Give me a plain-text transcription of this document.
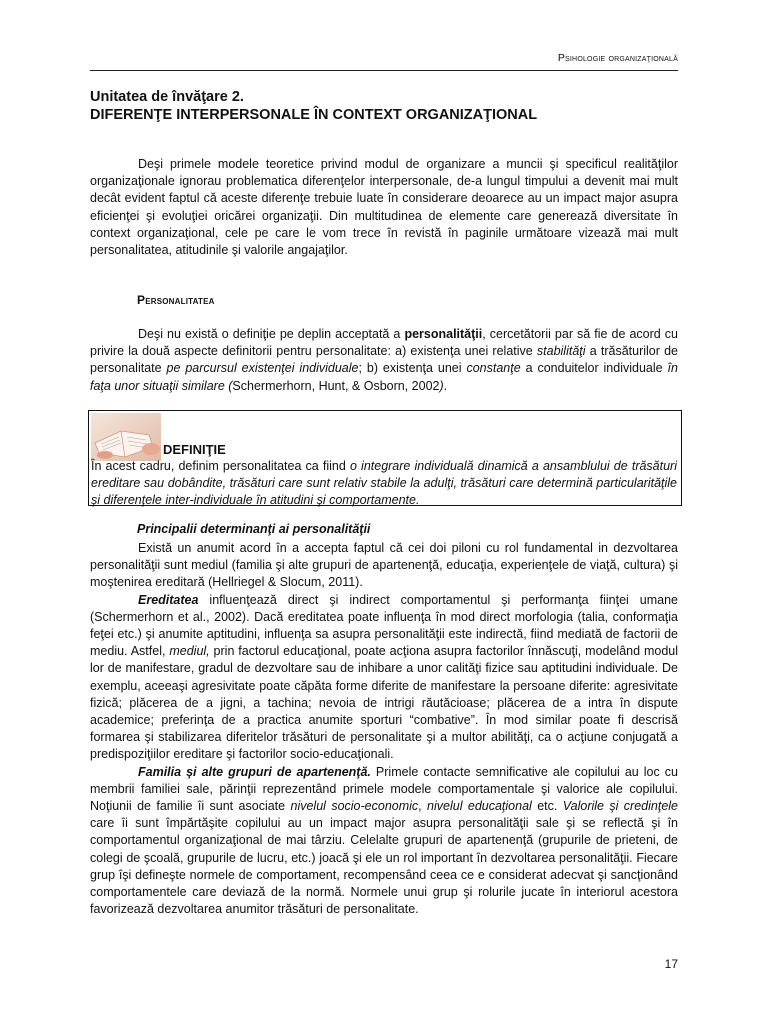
Psihologie organizaţională
Unitatea de învăţare 2.
DIFERENŢE INTERPERSONALE ÎN CONTEXT ORGANIZAŢIONAL

Deşi primele modele teoretice privind modul de organizare a muncii şi specificul realităţilor organizaţionale ignorau problematica diferenţelor interpersonale, de-a lungul timpului a devenit mai mult decât evident faptul că aceste diferenţe trebuie luate în considerare deoarece au un impact major asupra eficienţei şi evoluţiei oricărei organizaţii. Din multitudinea de elemente care generează diversitate în context organizaţional, cele pe care le vom trece în revistă în paginile următoare vizează mai mult personalitatea, atitudinile şi valorile angajaţilor.

Personalitatea

Deşi nu există o definiţie pe deplin acceptată a personalităţii, cercetătorii par să fie de acord cu privire la două aspecte definitorii pentru personalitate: a) existenţa unei relative stabilităţi a trăsăturilor de personalitate pe parcursul existenţei individuale; b) existenţa unei constanţe a conduitelor individuale în faţa unor situaţii similare (Schermerhorn, Hunt, & Osborn, 2002).

DEFINIŢIE
În acest cadru, definim personalitatea ca fiind o integrare individuală dinamică a ansamblului de trăsături ereditare sau dobândite, trăsături care sunt relativ stabile la adulţi, trăsături care determină particularităţile şi diferenţele inter-individuale în atitudini şi comportamente.
Principalii determinanţi ai personalităţii

Există un anumit acord în a accepta faptul că cei doi piloni cu rol fundamental in dezvoltarea personalităţii sunt mediul (familia şi alte grupuri de apartenenţă, educaţia, experienţele de viaţă, cultura) şi moştenirea ereditară (Hellriegel & Slocum, 2011).

Ereditatea influenţează direct şi indirect comportamentul şi performanţa fiinţei umane (Schermerhorn et al., 2002). Dacă ereditatea poate influenţa în mod direct morfologia (talia, conformaţia feţei etc.) şi anumite aptitudini, influenţa sa asupra personalităţii este indirectă, fiind mediată de factorii de mediu. Astfel, mediul, prin factorul educaţional, poate acţiona asupra factorilor înnăscuţi, modelând modul lor de manifestare, gradul de dezvoltare sau de inhibare a unor calităţi fizice sau aptitudini individuale. De exemplu, aceeaşi agresivitate poate căpăta forme diferite de manifestare la persoane diferite: agresivitate fizică; plăcerea de a jigni, a tachina; nevoia de intrigi răutăcioase; plăcerea de a intra în dispute academice; preferinţa de a practica anumite sporturi “combative”. În mod similar poate fi descrisă formarea şi stabilizarea diferitelor trăsături de personalitate şi a multor abilităţi, ca o acţiune conjugată a predispoziţiilor ereditare şi factorilor socio-educaţionali.

Familia şi alte grupuri de apartenenţă. Primele contacte semnificative ale copilului au loc cu membrii familiei sale, părinţii reprezentând primele modele comportamentale şi valorice ale copilului. Noţiunii de familie îi sunt asociate nivelul socio-economic, nivelul educaţional etc. Valorile şi credinţele care îi sunt împărtăşite copilului au un impact major asupra personalităţii sale şi se reflectă şi în comportamentul organizaţional de mai târziu. Celelalte grupuri de apartenenţă (grupurile de prieteni, de colegi de şcoală, grupurile de lucru, etc.) joacă şi ele un rol important în dezvoltarea personalităţii. Fiecare grup îşi defineşte normele de comportament, recompensând ceea ce e considerat adecvat şi sancţionând comportamentele care deviază de la normă. Normele unui grup şi rolurile jucate în interiorul acestora favorizează dezvoltarea anumitor trăsături de personalitate.

17
